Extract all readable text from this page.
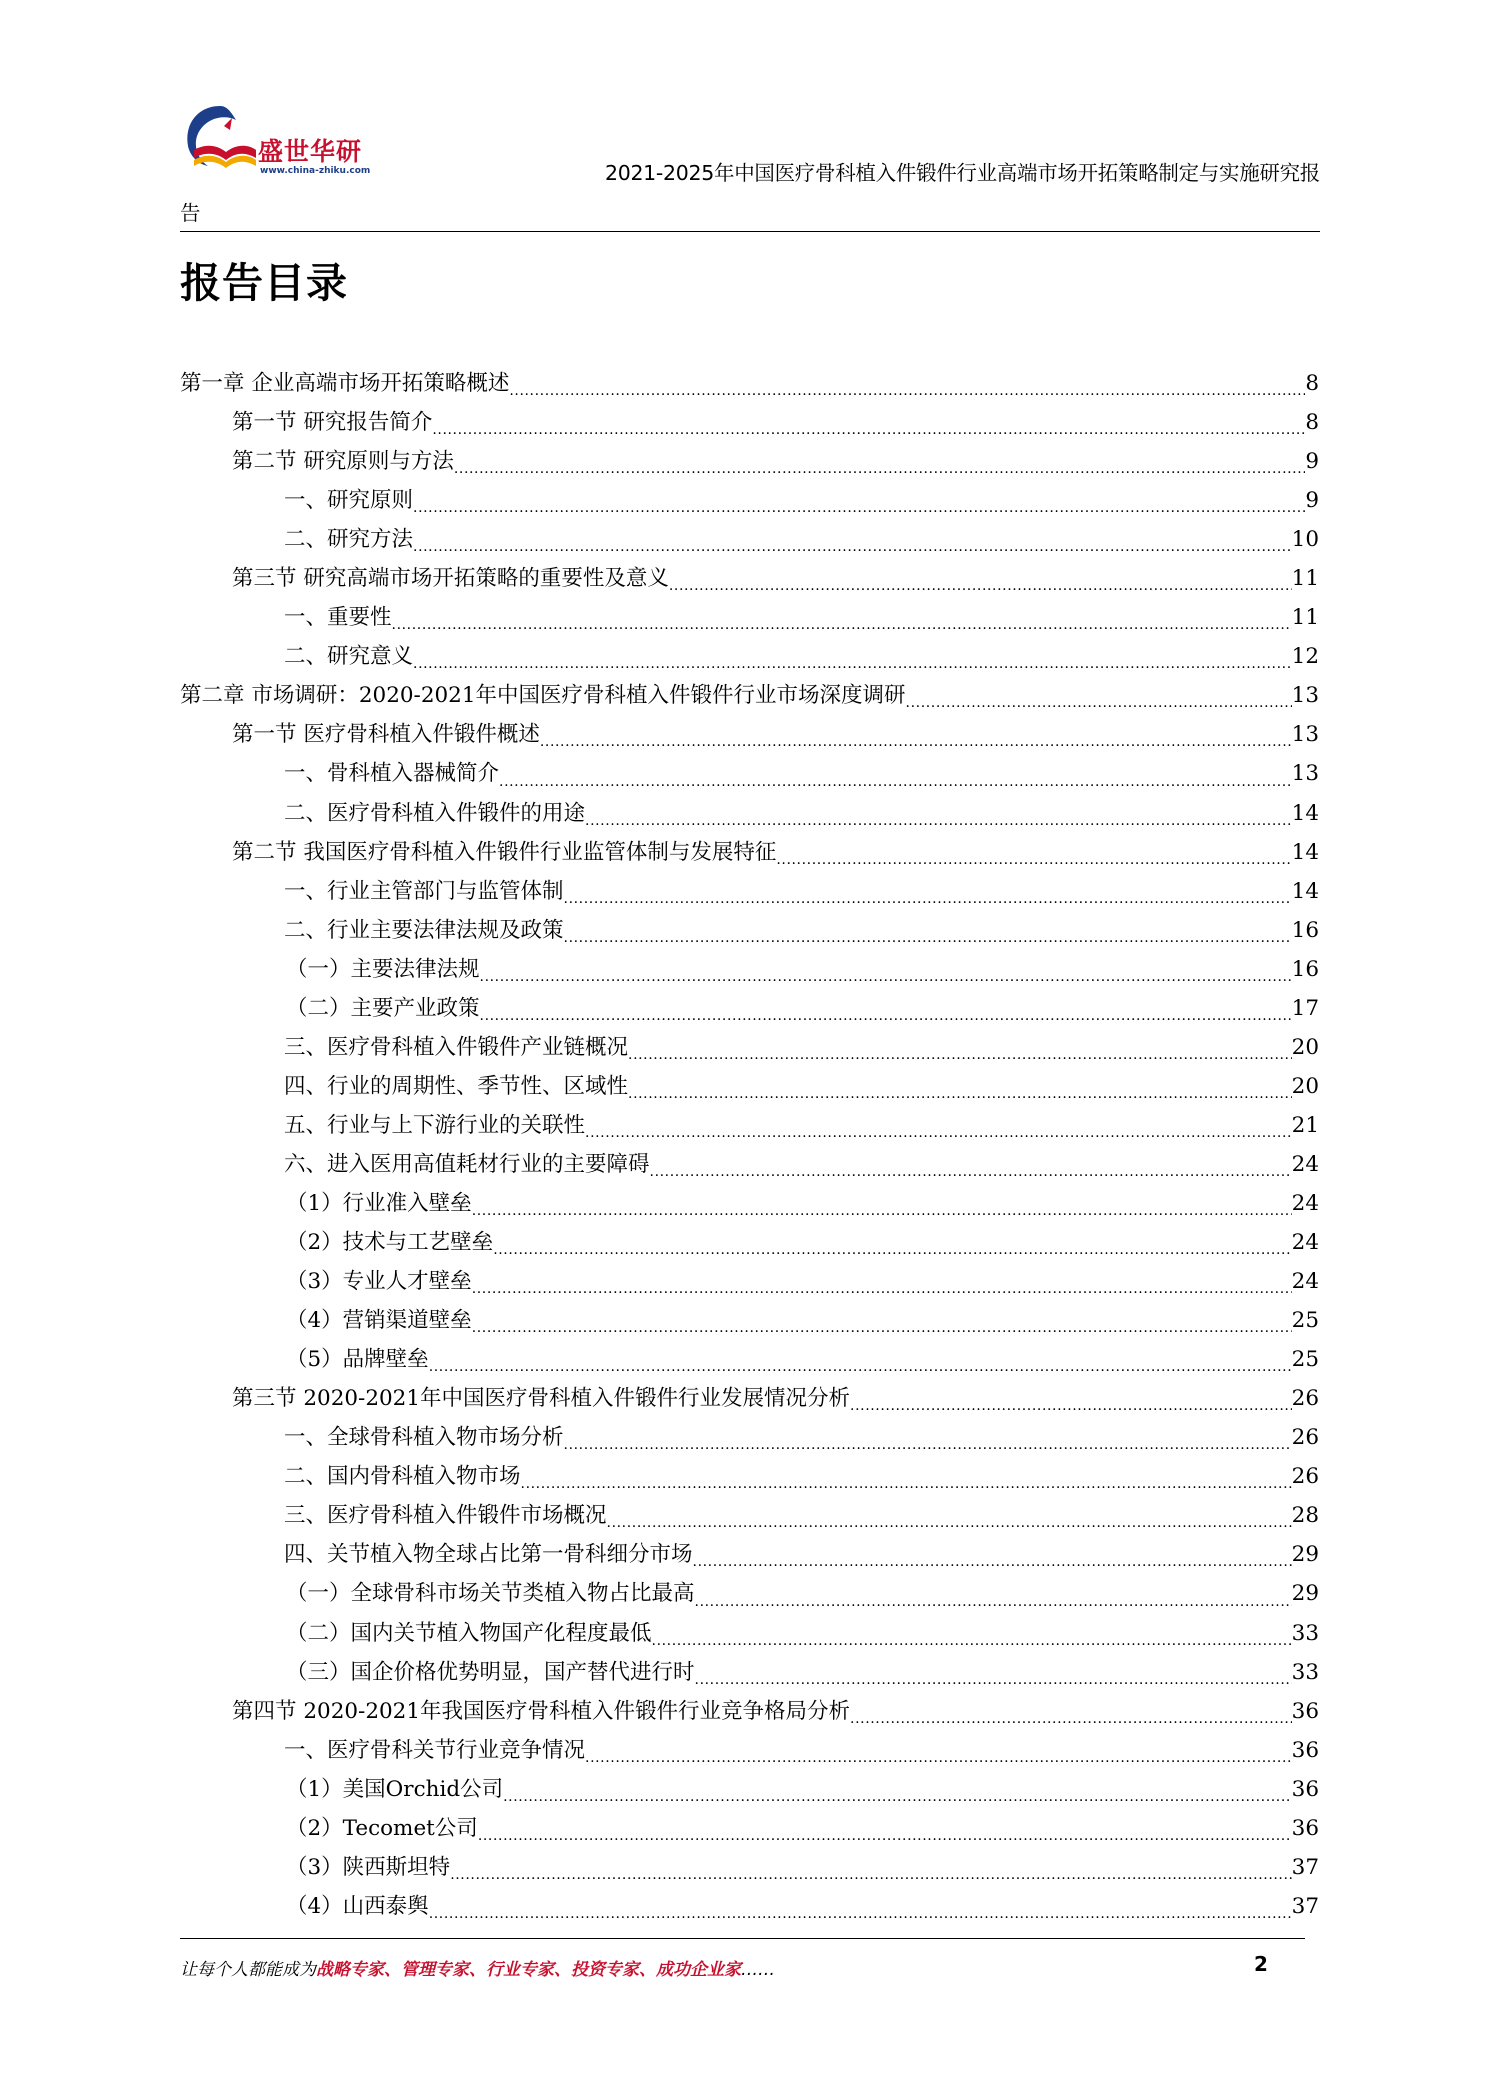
盛世华研
www.china-zhiku.com	2021-2025年中国医疗骨科植入件锻件行业高端市场开拓策略制定与实施研究报
告
报告目录
第一章 企业高端市场开拓策略概述 .....	8
第一节 研究报告简介 .....	8
第二节 研究原则与方法 .....	9
一、研究原则 .....	9
二、研究方法 .....	10
第三节 研究高端市场开拓策略的重要性及意义 .....	11
一、重要性 .....	11
二、研究意义 .....	12
第二章 市场调研：2020-2021年中国医疗骨科植入件锻件行业市场深度调研 .....	13
第一节 医疗骨科植入件锻件概述 .....	13
一、骨科植入器械简介 .....	13
二、医疗骨科植入件锻件的用途 .....	14
第二节 我国医疗骨科植入件锻件行业监管体制与发展特征 .....	14
一、行业主管部门与监管体制 .....	14
二、行业主要法律法规及政策 .....	16
（一）主要法律法规 .....	16
（二）主要产业政策 .....	17
三、医疗骨科植入件锻件产业链概况 .....	20
四、行业的周期性、季节性、区域性 .....	20
五、行业与上下游行业的关联性 .....	21
六、进入医用高值耗材行业的主要障碍 .....	24
（1）行业准入壁垒 .....	24
（2）技术与工艺壁垒 .....	24
（3）专业人才壁垒 .....	24
（4）营销渠道壁垒 .....	25
（5）品牌壁垒 .....	25
第三节 2020-2021年中国医疗骨科植入件锻件行业发展情况分析 .....	26
一、全球骨科植入物市场分析 .....	26
二、国内骨科植入物市场 .....	26
三、医疗骨科植入件锻件市场概况 .....	28
四、关节植入物全球占比第一骨科细分市场 .....	29
（一）全球骨科市场关节类植入物占比最高 .....	29
（二）国内关节植入物国产化程度最低 .....	33
（三）国企价格优势明显，国产替代进行时 .....	33
第四节 2020-2021年我国医疗骨科植入件锻件行业竞争格局分析 .....	36
一、医疗骨科关节行业竞争情况 .....	36
（1）美国Orchid公司 .....	36
（2）Tecomet公司 .....	36
（3）陕西斯坦特 .....	37
（4）山西泰舆 .....	37
让每个人都能成为战略专家、管理专家、行业专家、投资专家、成功企业家……	2
